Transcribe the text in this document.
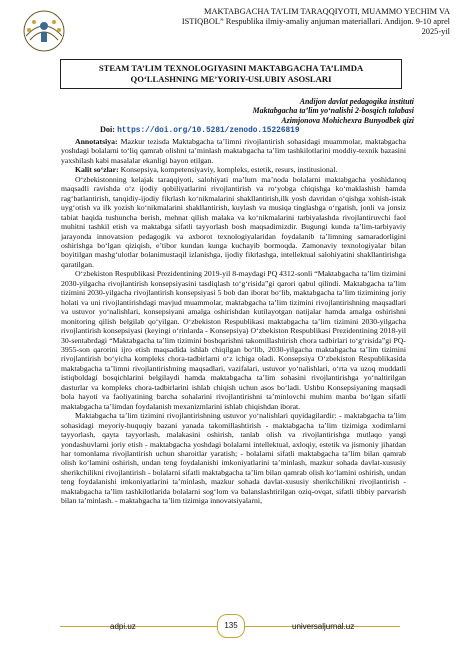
MAKTABGACHA TA’LIM TARAQQIYOTI, MUAMMO YECHIM VA
ISTIQBOL” Respublika ilmiy-amaliy anjuman materiallari. Andijon. 9-10 aprel
2025-yil
STEAM TA’LIM TEXNOLOGIYASINI MAKTABGACHA TA’LIMDA
QO‘LLASHNING ME’YORIY-USLUBIY ASOSLARI
Andijon davlat pedagogika instituti
Maktabgacha ta’lim yo‘nalishi 2-bosqich talabasi
Azimjonova Mohichexra Bunyodbek qizi
Doi: https://doi.org/10.5281/zenodo.15226819

Annotatsiya: Mazkur tezisda Maktabgacha ta’limni rivojlantirish sohasidagi muammolar, maktabgacha yoshdagi bolalarni to‘liq qamrab olishni ta’minlash maktabgacha ta’lim tashkilotlarini moddiy-texnik bazasini yaxshilash kabi masalalar ekanligi bayon etilgan.

Kalit so‘zlar: Konsepsiya, kompetensiyaviy, kompleks, estetik, resurs, institusional.

O‘zbekistonning kelajak taraqqiyoti, salohiyati ma’lum ma’noda bolalarni maktabgacha yoshidanoq maqsadli ravishda o‘z ijodiy qobiliyatlarini rivojlantirish va ro‘yobga chiqishga ko‘maklashish hamda rag‘batlantirish, tanqidiy-ijodiy fikrlash ko‘nikmalarini shakllantirish,ilk yosh davridan o‘qishga xohish-istak uyg‘otish va ilk yozish ko‘nikmalarini shakllantirish, kuylash va musiqa tinglashga o‘rgatish, jonli va jonsiz tabiat haqida tushuncha berish, mehnat qilish malaka va ko‘nikmalarini tarbiyalashda rivojlantiruvchi faol muhitni tashkil etish va maktabga sifatli tayyorlash bosh maqsadimizdir. Bugungi kunda ta’lim-tarbiyaviy jarayonda innovatsion pedagogik va axborot texnologiyalaridan foydalanib ta’limning samaradorligini oshirishga bo‘lgan qiziqish, e’tibor kundan kunga kuchayib bormoqda. Zamonaviy texnologiyalar bilan boyitilgan mashg‘ulotlar bolanimustaqil izlanishga, ijodiy fikrlashga, intellektual salohiyatini shakllantirishga qaratilgan.

O‘zbekiston Respublikasi Prezidentining 2019-yil 8-maydagi PQ 4312-sonli “Maktabgacha ta’lim tizimini 2030-yilgacha rivojlantirish konsepsiyasini tasdiqlash to‘g‘risida”gi qarori qabul qilindi. Maktabgacha ta’lim tizimini 2030-yilgacha rivojlantirish konsepsiyasi 5 bob dan iborat bo‘lib, maktabgacha ta’lim tizimining joriy holati va uni rivojlantirishdagi mavjud muammolar, maktabgacha ta’lim tizimini rivojlantirishning maqsadlari va ustuvor yo‘nalishlari, konsepsiyani amalga oshirishdan kutilayotgan natijalar hamda amalga oshirishni monitoring qilish belgilab qo‘yilgan. O‘zbekiston Respublikasi maktabgacha ta’lim tizimini 2030-yilgacha rivojlantirish konsepsiyasi (keyingi o‘rinlarda - Konsepsiya) O‘zbekiston Respublikasi Prezidentining 2018-yil 30-sentabrdagi “Maktabgacha ta’lim tizimini boshqarishni takomillashtirish chora tadbirlari to‘g‘risida”gi PQ-3955-son qarorini ijro etish maqsadida ishlab chiqilgan bo‘lib, 2030-yilgacha maktabgacha ta’lim tizimini rivojlantirish bo‘yicha kompleks chora-tadbirlarni o‘z ichiga oladi. Konsepsiya O‘zbekiston Respublikasida maktabgacha ta’limni rivojlantirishning maqsadlari, vazifalari, ustuvor yo‘nalishlari, o‘rta va uzoq muddatli istiqboldagi bosqichlarini belgilaydi hamda maktabgacha ta’lim sohasini rivojlantirishga yo‘naltirilgan dasturlar va kompleks chora-tadbirlarini ishlab chiqish uchun asos bo‘ladi. Ushbu Konsepsiyaning maqsadi bola hayoti va faoliyatining barcha sohalarini rivojlantirishni ta’minlovchi muhim manba bo‘lgan sifatli maktabgacha ta’limdan foydalanish mexanizmlarini ishlab chiqishdan iborat.

Maktabgacha ta’lim tizimini rivojlantirishning ustuvor yo‘nalishlari quyidagilardir: - maktabgacha ta’lim sohasidagi meyoriy-huquqiy bazani yanada takomillashtirish - maktabgacha ta’lim tizimiga xodimlarni tayyorlash, qayta tayyorlash, malakasini oshirish, tanlab olish va rivojlantirishga mutlaqo yangi yondashuvlarni joriy etish - maktabgacha yoshdagi bolalarni intellektual, axloqiy, estetik va jismoniy jihatdan har tomonlama rivojlantirish uchun sharoitlar yaratish; - bolalarni sifatli maktabgacha ta’lim bilan qamrab olish ko‘lamini oshirish, undan teng foydalanishi imkoniyatlarini ta’minlash, mazkur sohada davlat-xususiy sherikchilikni rivojlantirish - bolalarni sifatli maktabgacha ta’lim bilan qamrab olish ko‘lamini oshirish, undan teng foydalanishi imkoniyatlarini ta’minlash, mazkur sohada davlat-xususiy sherikchilikni rivojlantirish - maktabgacha ta’lim tashkilotlarida bolalarni sog‘lom va balanslashtirilgan oziq-ovqat, sifatli tibbiy parvarish bilan ta’minlash. - maktabgacha ta’lim tizimiga innovatsiyalarni,

adpi.uz	135	universaljurnal.uz
